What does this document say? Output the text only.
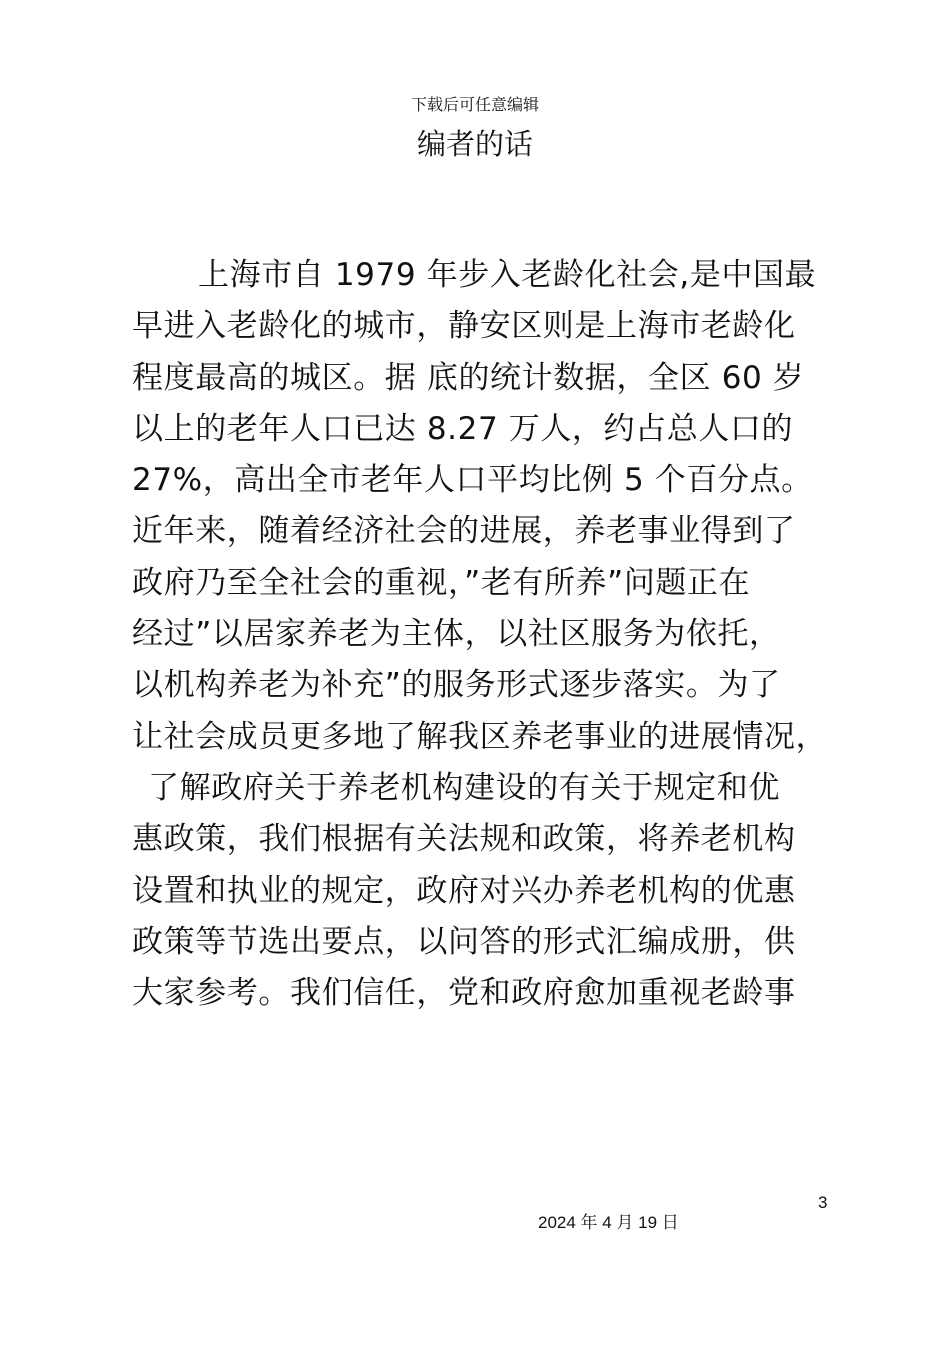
下载后可任意编辑
编者的话
上海市自 1979 年步入老龄化社会,是中国最
早进入老龄化的城市，静安区则是上海市老龄化
程度最高的城区。据 底的统计数据，全区 60 岁
以上的老年人口已达 8.27 万人，约占总人口的
27%，高出全市老年人口平均比例 5 个百分点。
近年来，随着经济社会的进展，养老事业得到了
政府乃至全社会的重视，”老有所养”问题正在
经过”以居家养老为主体，以社区服务为依托，
以机构养老为补充”的服务形式逐步落实。为了
让社会成员更多地了解我区养老事业的进展情况，
了解政府关于养老机构建设的有关于规定和优
惠政策，我们根据有关法规和政策，将养老机构
设置和执业的规定，政府对兴办养老机构的优惠
政策等节选出要点，以问答的形式汇编成册，供
大家参考。我们信任，党和政府愈加重视老龄事
3
2024 年 4 月 19 日
